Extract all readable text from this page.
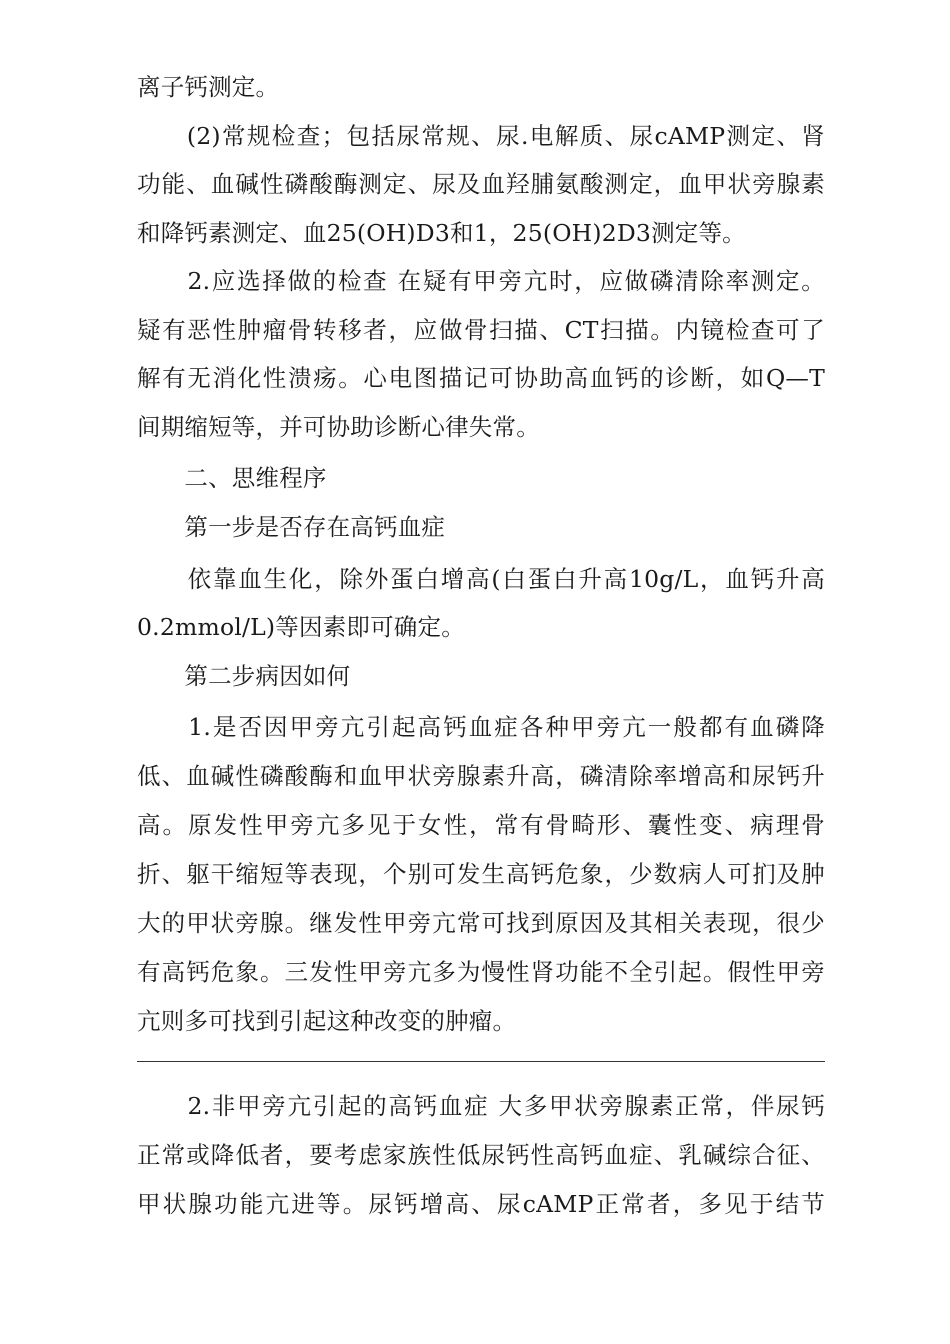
离子钙测定。
　　(2)常规检查；包括尿常规、尿.电解质、尿cAMP测定、肾
功能、血碱性磷酸酶测定、尿及血羟脯氨酸测定，血甲状旁腺素
和降钙素测定、血25(OH)D3和1，25(OH)2D3测定等。
　　2.应选择做的检查 在疑有甲旁亢时，应做磷清除率测定。
疑有恶性肿瘤骨转移者，应做骨扫描、CT扫描。内镜检查可了
解有无消化性溃疡。心电图描记可协助高血钙的诊断，如Q—T
间期缩短等，并可协助诊断心律失常。
　　二、思维程序
　　第一步是否存在高钙血症
　　依靠血生化，除外蛋白增高(白蛋白升高10g/L，血钙升高
0.2mmol/L)等因素即可确定。
　　第二步病因如何
　　1.是否因甲旁亢引起高钙血症各种甲旁亢一般都有血磷降
低、血碱性磷酸酶和血甲状旁腺素升高，磷清除率增高和尿钙升
高。原发性甲旁亢多见于女性，常有骨畸形、囊性变、病理骨
折、躯干缩短等表现，个别可发生高钙危象，少数病人可扪及肿
大的甲状旁腺。继发性甲旁亢常可找到原因及其相关表现，很少
有高钙危象。三发性甲旁亢多为慢性肾功能不全引起。假性甲旁
亢则多可找到引起这种改变的肿瘤。
　　2.非甲旁亢引起的高钙血症 大多甲状旁腺素正常，伴尿钙
正常或降低者，要考虑家族性低尿钙性高钙血症、乳碱综合征、
甲状腺功能亢进等。尿钙增高、尿cAMP正常者，多见于结节
